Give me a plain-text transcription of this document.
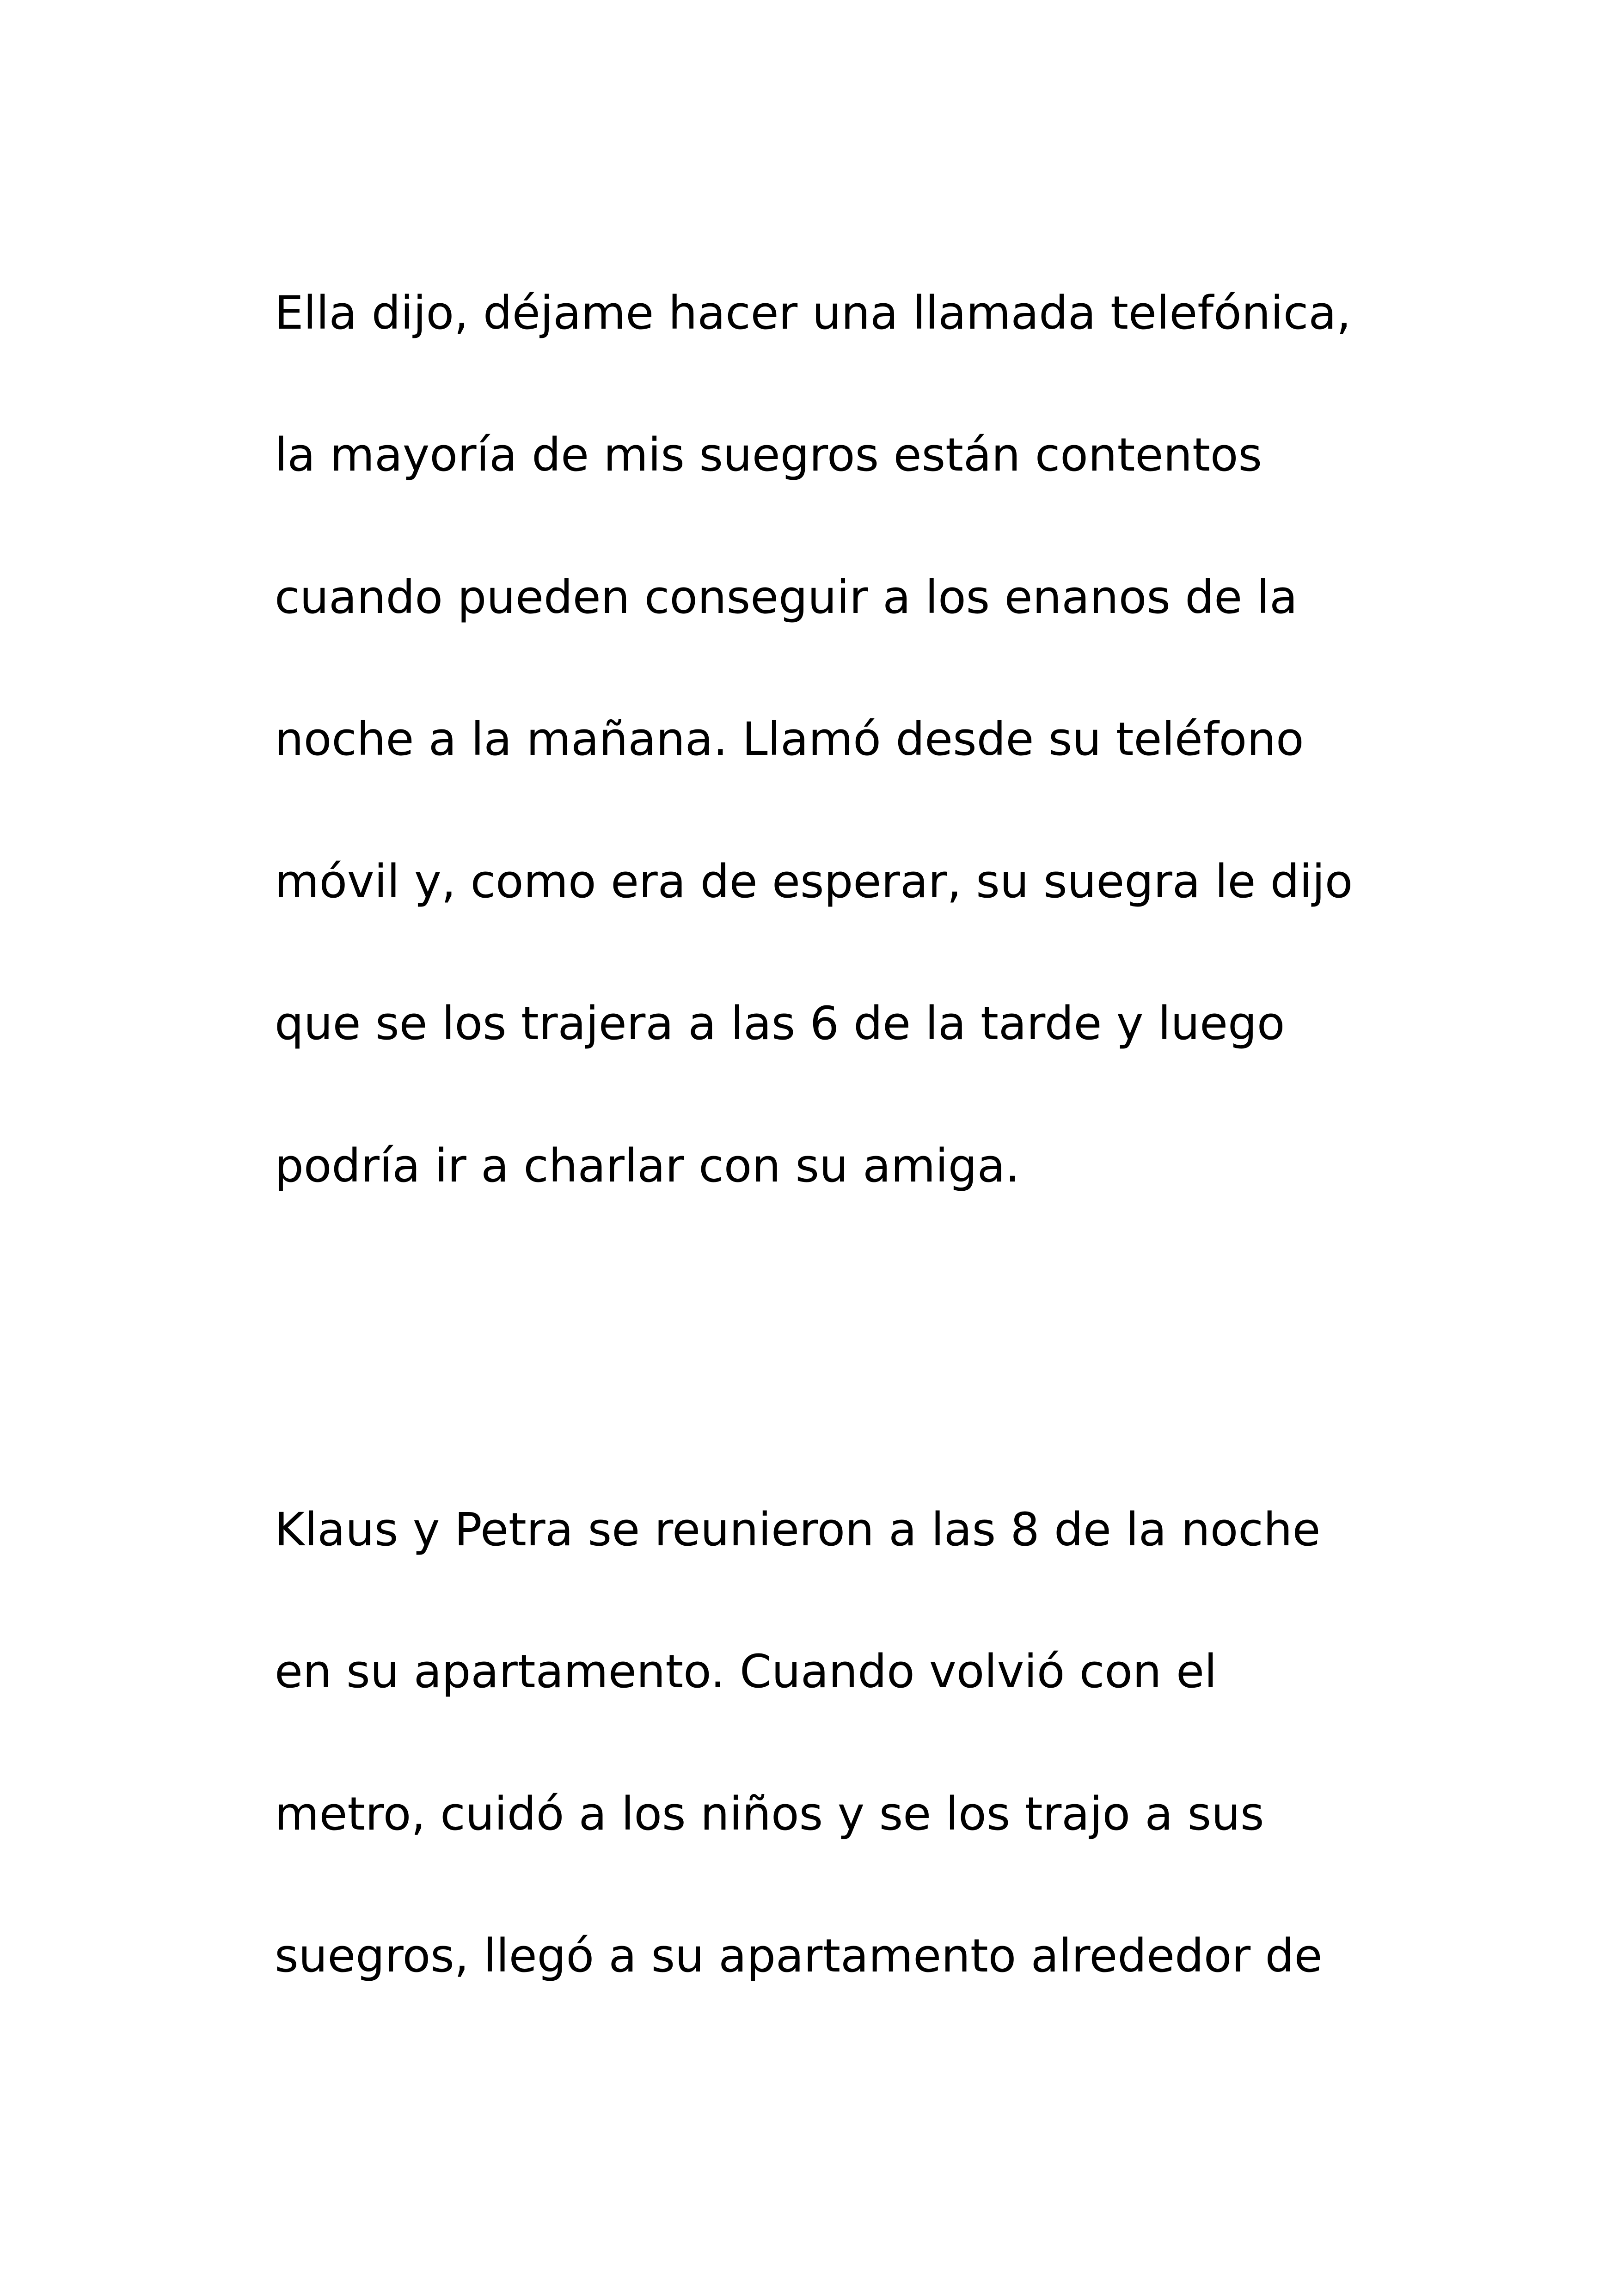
Ella dijo, déjame hacer una llamada telefónica,

la mayoría de mis suegros están contentos

cuando pueden conseguir a los enanos de la

noche a la mañana. Llamó desde su teléfono

móvil y, como era de esperar, su suegra le dijo

que se los trajera a las 6 de la tarde y luego

podría ir a charlar con su amiga.

Klaus y Petra se reunieron a las 8 de la noche

en su apartamento. Cuando volvió con el

metro, cuidó a los niños y se los trajo a sus

suegros, llegó a su apartamento alrededor de
